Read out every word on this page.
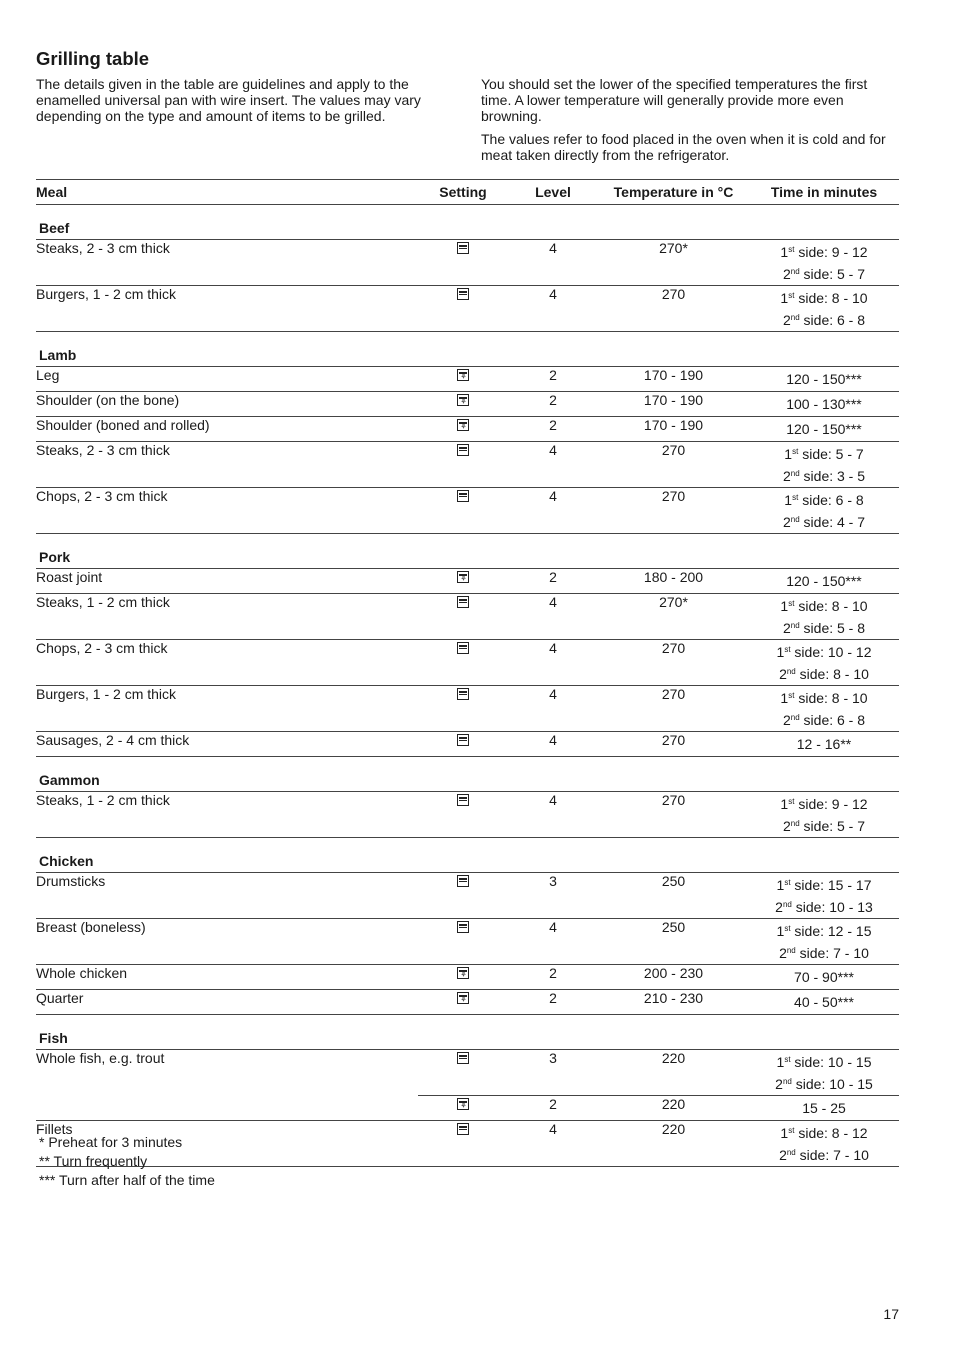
Grilling table

The details given in the table are guidelines and apply to the enamelled universal pan with wire insert. The values may vary depending on the type and amount of items to be grilled.

You should set the lower of the specified temperatures the first time. A lower temperature will generally provide more even browning.

The values refer to food placed in the oven when it is cold and for meat taken directly from the refrigerator.

Meal	Setting	Level	Temperature in °C	Time in minutes
Beef				
Steaks, 2 - 3 cm thick		4	270*	1st side: 9 - 12
2nd side: 5 - 7

Burgers, 1 - 2 cm thick		4	270	1st side: 8 - 10
2nd side: 6 - 8

Lamb				
Leg	⚘	2	170 - 190	120 - 150***

Shoulder (on the bone)	⚘	2	170 - 190	100 - 130***

Shoulder (boned and rolled)	⚘	2	170 - 190	120 - 150***

Steaks, 2 - 3 cm thick		4	270	1st side: 5 - 7
2nd side: 3 - 5

Chops, 2 - 3 cm thick		4	270	1st side: 6 - 8
2nd side: 4 - 7

Pork				
Roast joint	⚘	2	180 - 200	120 - 150***

Steaks, 1 - 2 cm thick		4	270*	1st side: 8 - 10
2nd side: 5 - 8

Chops, 2 - 3 cm thick		4	270	1st side: 10 - 12
2nd side: 8 - 10

Burgers, 1 - 2 cm thick		4	270	1st side: 8 - 10
2nd side: 6 - 8

Sausages, 2 - 4 cm thick		4	270	12 - 16**

Gammon				
Steaks, 1 - 2 cm thick		4	270	1st side: 9 - 12
2nd side: 5 - 7

Chicken				
Drumsticks		3	250	1st side: 15 - 17
2nd side: 10 - 13

Breast (boneless)		4	250	1st side: 12 - 15
2nd side: 7 - 10

Whole chicken	⚘	2	200 - 230	70 - 90***

Quarter	⚘	2	210 - 230	40 - 50***

Fish				
Whole fish, e.g. trout		3	220	1st side: 10 - 15
2nd side: 10 - 15

	⚘	2	220	15 - 25

Fillets		4	220	1st side: 8 - 12
2nd side: 7 - 10
* Preheat for 3 minutes
** Turn frequently
*** Turn after half of the time
17
